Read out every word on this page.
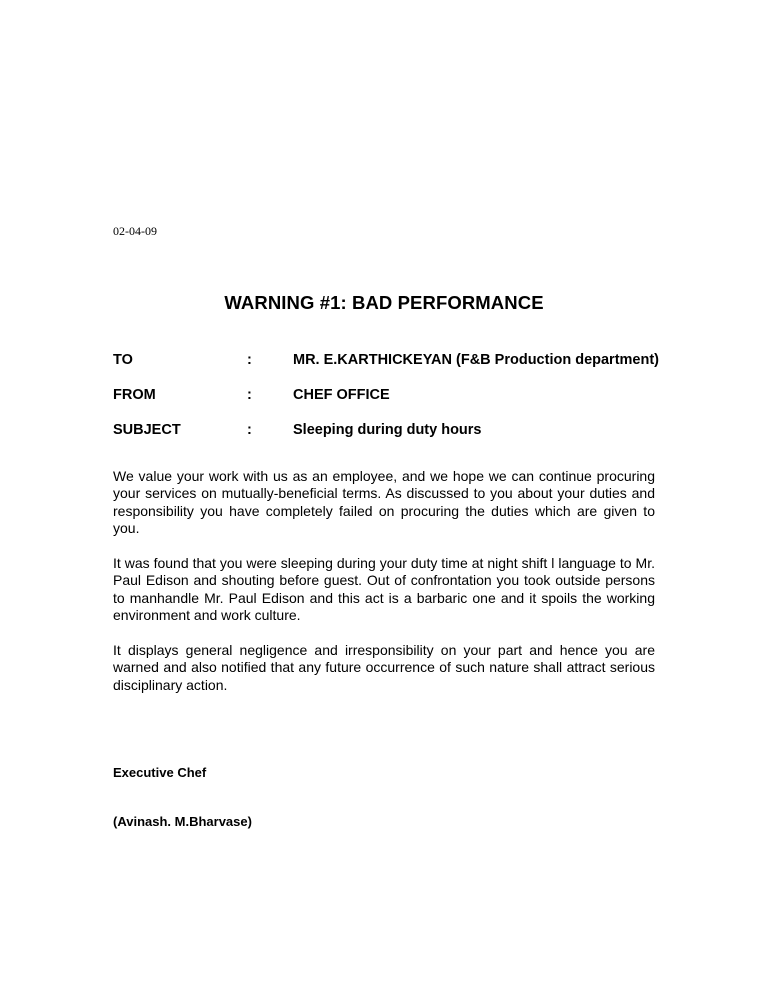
02-04-09
WARNING #1: BAD PERFORMANCE
TO	:	MR. E.KARTHICKEYAN (F&B Production department)
FROM	:	CHEF OFFICE
SUBJECT	:	Sleeping during duty hours

We value your work with us as an employee, and we hope we can continue procuring your services on mutually-beneficial terms. As discussed to you about your duties and responsibility you have completely failed on procuring the duties which are given to you.

It was found that you were sleeping during your duty time at night shift l language to Mr. Paul Edison and shouting before guest. Out of confrontation you took outside persons to manhandle Mr. Paul Edison and this act is a barbaric one and it spoils the working environment and work culture.

It displays general negligence and irresponsibility on your part and hence you are warned and also notified that any future occurrence of such nature shall attract serious disciplinary action.

Executive Chef
(Avinash. M.Bharvase)
